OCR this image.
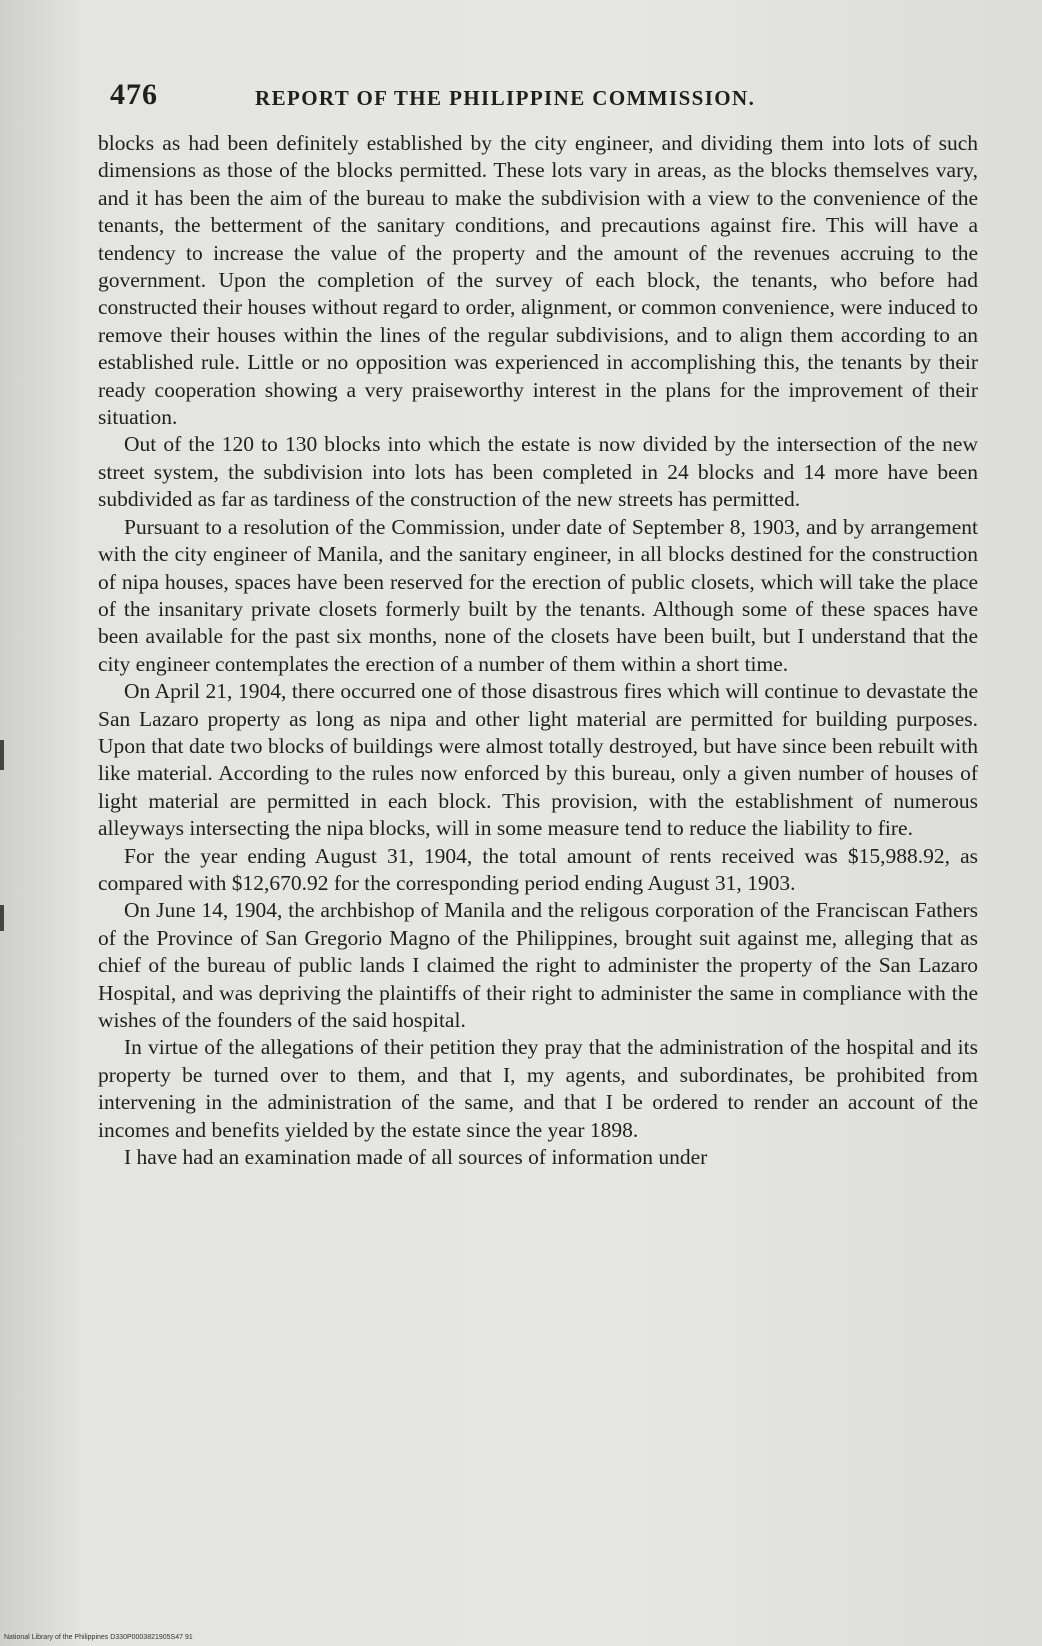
476	REPORT OF THE PHILIPPINE COMMISSION.

blocks as had been definitely established by the city engineer, and dividing them into lots of such dimensions as those of the blocks permitted. These lots vary in areas, as the blocks themselves vary, and it has been the aim of the bureau to make the subdivision with a view to the convenience of the tenants, the betterment of the sanitary conditions, and precautions against fire. This will have a tendency to increase the value of the property and the amount of the revenues accruing to the government. Upon the completion of the survey of each block, the tenants, who before had constructed their houses without regard to order, alignment, or common convenience, were induced to remove their houses within the lines of the regular subdivisions, and to align them according to an established rule. Little or no opposition was experienced in accomplishing this, the tenants by their ready cooperation showing a very praiseworthy interest in the plans for the improvement of their situation.

Out of the 120 to 130 blocks into which the estate is now divided by the intersection of the new street system, the subdivision into lots has been completed in 24 blocks and 14 more have been subdivided as far as tardiness of the construction of the new streets has permitted.

Pursuant to a resolution of the Commission, under date of September 8, 1903, and by arrangement with the city engineer of Manila, and the sanitary engineer, in all blocks destined for the construction of nipa houses, spaces have been reserved for the erection of public closets, which will take the place of the insanitary private closets formerly built by the tenants. Although some of these spaces have been available for the past six months, none of the closets have been built, but I understand that the city engineer contemplates the erection of a number of them within a short time.

On April 21, 1904, there occurred one of those disastrous fires which will continue to devastate the San Lazaro property as long as nipa and other light material are permitted for building purposes. Upon that date two blocks of buildings were almost totally destroyed, but have since been rebuilt with like material. According to the rules now enforced by this bureau, only a given number of houses of light material are permitted in each block. This provision, with the establishment of numerous alleyways intersecting the nipa blocks, will in some measure tend to reduce the liability to fire.

For the year ending August 31, 1904, the total amount of rents received was $15,988.92, as compared with $12,670.92 for the corresponding period ending August 31, 1903.

On June 14, 1904, the archbishop of Manila and the religous corporation of the Franciscan Fathers of the Province of San Gregorio Magno of the Philippines, brought suit against me, alleging that as chief of the bureau of public lands I claimed the right to administer the property of the San Lazaro Hospital, and was depriving the plaintiffs of their right to administer the same in compliance with the wishes of the founders of the said hospital.

In virtue of the allegations of their petition they pray that the administration of the hospital and its property be turned over to them, and that I, my agents, and subordinates, be prohibited from intervening in the administration of the same, and that I be ordered to render an account of the incomes and benefits yielded by the estate since the year 1898.

I have had an examination made of all sources of information under

National Library of the Philippines D330P0003821905S47 91
